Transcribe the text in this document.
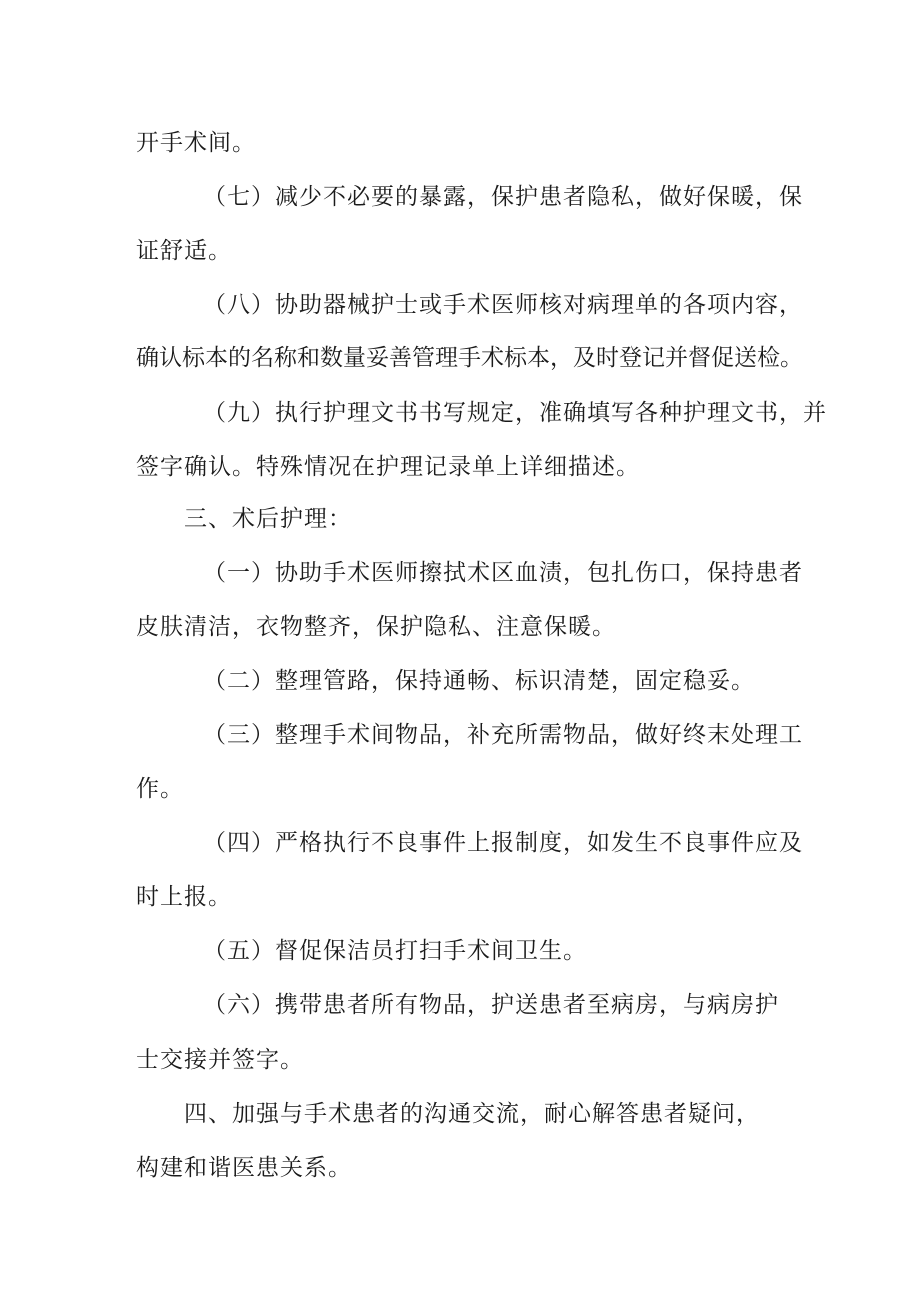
开手术间。
（七）减少不必要的暴露，保护患者隐私，做好保暖，保
证舒适。
（八）协助器械护士或手术医师核对病理单的各项内容，
确认标本的名称和数量妥善管理手术标本，及时登记并督促送检。
（九）执行护理文书书写规定，准确填写各种护理文书，并
签字确认。特殊情况在护理记录单上详细描述。
三、术后护理：
（一）协助手术医师擦拭术区血渍，包扎伤口，保持患者
皮肤清洁，衣物整齐，保护隐私、注意保暖。
（二）整理管路，保持通畅、标识清楚，固定稳妥。
（三）整理手术间物品，补充所需物品，做好终末处理工
作。
（四）严格执行不良事件上报制度，如发生不良事件应及
时上报。
（五）督促保洁员打扫手术间卫生。
（六）携带患者所有物品，护送患者至病房，与病房护
士交接并签字。
四、加强与手术患者的沟通交流，耐心解答患者疑问，
构建和谐医患关系。
